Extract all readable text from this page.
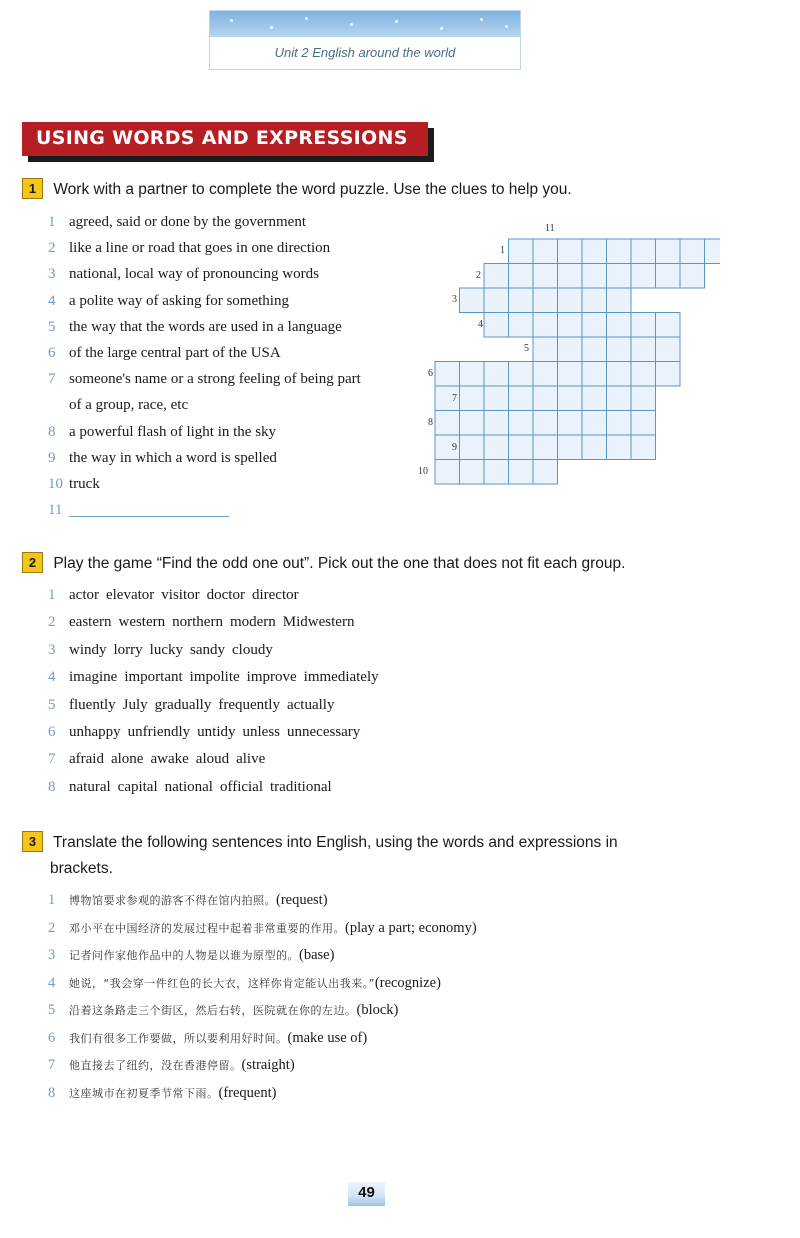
Unit 2 English around the world
USING WORDS AND EXPRESSIONS
1 Work with a partner to complete the word puzzle. Use the clues to help you.
1 agreed, said or done by the government
2 like a line or road that goes in one direction
3 national, local way of pronouncing words
4 a polite way of asking for something
5 the way that the words are used in a language
6 of the large central part of the USA
7 someone's name or a strong feeling of being part
of a group, race, etc
8 a powerful flash of light in the sky
9 the way in which a word is spelled
10 truck
11
11
1
2
3
4
5
6
7
8
9
10
2 Play the game “Find the odd one out”. Pick out the one that does not fit each group.
1 actor elevator visitor doctor director
2 eastern western northern modern Midwestern
3 windy lorry lucky sandy cloudy
4 imagine important impolite improve immediately
5 fluently July gradually frequently actually
6 unhappy unfriendly untidy unless unnecessary
7 afraid alone awake aloud alive
8 natural capital national official traditional
3 Translate the following sentences into English, using the words and expressions in
brackets.
1 博物馆要求参观的游客不得在馆内拍照。(request)
2 邓小平在中国经济的发展过程中起着非常重要的作用。(play a part; economy)
3 记者问作家他作品中的人物是以谁为原型的。(base)
4 她说，“我会穿一件红色的长大衣，这样你肯定能认出我来。”(recognize)
5 沿着这条路走三个街区，然后右转，医院就在你的左边。(block)
6 我们有很多工作要做，所以要利用好时间。(make use of)
7 他直接去了纽约，没在香港停留。(straight)
8 这座城市在初夏季节常下雨。(frequent)
49
